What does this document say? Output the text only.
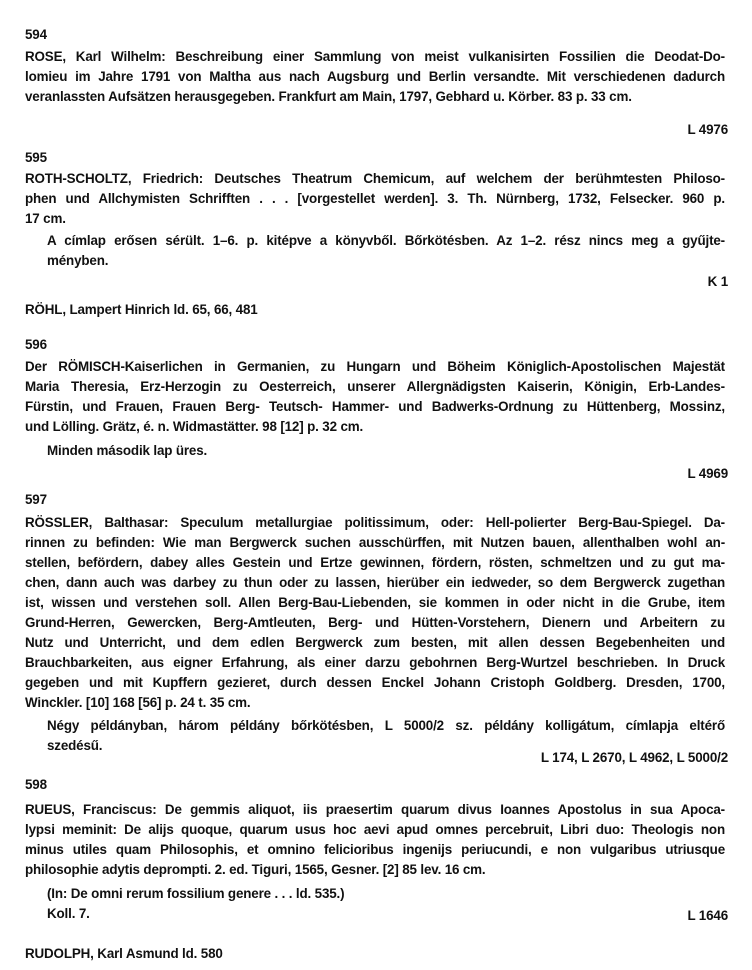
594
ROSE, Karl Wilhelm: Beschreibung einer Sammlung von meist vulkanisirten Fossilien die Deodat-Do-
lomieu im Jahre 1791 von Maltha aus nach Augsburg und Berlin versandte. Mit verschiedenen dadurch
veranlassten Aufsätzen herausgegeben. Frankfurt am Main, 1797, Gebhard u. Körber. 83 p. 33 cm.
L 4976
595
ROTH-SCHOLTZ, Friedrich: Deutsches Theatrum Chemicum, auf welchem der berühmtesten Philoso-
phen und Allchymisten Schrifften . . . [vorgestellet werden]. 3. Th. Nürnberg, 1732, Felsecker. 960 p.
17 cm.
A címlap erősen sérült. 1–6. p. kitépve a könyvből. Bőrkötésben. Az 1–2. rész nincs meg a gyűjte-
ményben.
K 1
RÖHL, Lampert Hinrich ld. 65, 66, 481
596
Der RÖMISCH-Kaiserlichen in Germanien, zu Hungarn und Böheim Königlich-Apostolischen Majestät
Maria Theresia, Erz-Herzogin zu Oesterreich, unserer Allergnädigsten Kaiserin, Königin, Erb-Landes-
Fürstin, und Frauen, Frauen Berg- Teutsch- Hammer- und Badwerks-Ordnung zu Hüttenberg, Mossinz,
und Lölling. Grätz, é. n. Widmastätter. 98 [12] p. 32 cm.
Minden második lap üres.
L 4969
597
RÖSSLER, Balthasar: Speculum metallurgiae politissimum, oder: Hell-polierter Berg-Bau-Spiegel. Da-
rinnen zu befinden: Wie man Bergwerck suchen ausschürffen, mit Nutzen bauen, allenthalben wohl an-
stellen, befördern, dabey alles Gestein und Ertze gewinnen, fördern, rösten, schmeltzen und zu gut ma-
chen, dann auch was darbey zu thun oder zu lassen, hierüber ein iedweder, so dem Bergwerck zugethan
ist, wissen und verstehen soll. Allen Berg-Bau-Liebenden, sie kommen in oder nicht in die Grube, item
Grund-Herren, Gewercken, Berg-Amtleuten, Berg- und Hütten-Vorstehern, Dienern und Arbeitern zu
Nutz und Unterricht, und dem edlen Bergwerck zum besten, mit allen dessen Begebenheiten und
Brauchbarkeiten, aus eigner Erfahrung, als einer darzu gebohrnen Berg-Wurtzel beschrieben. In Druck
gegeben und mit Kupffern gezieret, durch dessen Enckel Johann Cristoph Goldberg. Dresden, 1700,
Winckler. [10] 168 [56] p. 24 t. 35 cm.
Négy példányban, három példány bőrkötésben, L 5000/2 sz. példány kolligátum, címlapja eltérő
szedésű.
L 174, L 2670, L 4962, L 5000/2
598
RUEUS, Franciscus: De gemmis aliquot, iis praesertim quarum divus Ioannes Apostolus in sua Apoca-
lypsi meminit: De alijs quoque, quarum usus hoc aevi apud omnes percebruit, Libri duo: Theologis non
minus utiles quam Philosophis, et omnino felicioribus ingenijs periucundi, e non vulgaribus utriusque
philosophie adytis deprompti. 2. ed. Tiguri, 1565, Gesner. [2] 85 lev. 16 cm.
(In: De omni rerum fossilium genere . . . ld. 535.)
Koll. 7.	L 1646
RUDOLPH, Karl Asmund ld. 580
